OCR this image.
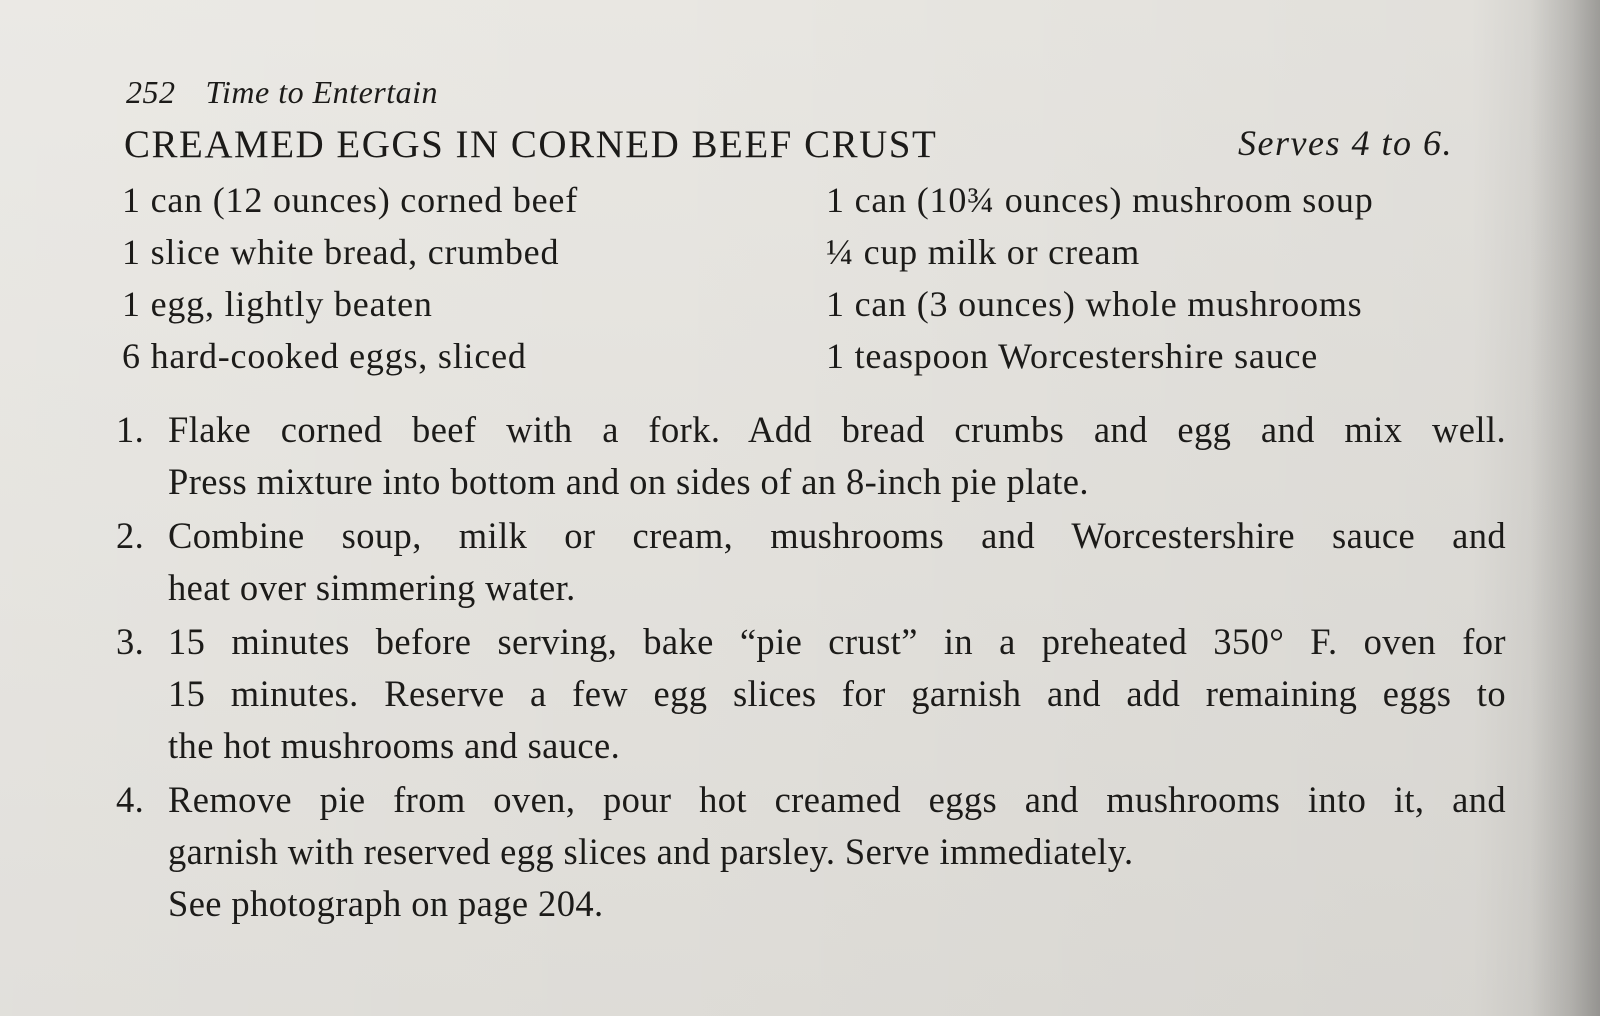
252 Time to Entertain
CREAMED EGGS IN CORNED BEEF CRUST	Serves 4 to 6.
1 can (12 ounces) corned beef
1 slice white bread, crumbed
1 egg, lightly beaten
6 hard-cooked eggs, sliced
1 can (10¾ ounces) mushroom soup
¼ cup milk or cream
1 can (3 ounces) whole mushrooms
1 teaspoon Worcestershire sauce
1. Flake corned beef with a fork. Add bread crumbs and egg and mix well.
Press mixture into bottom and on sides of an 8-inch pie plate.
2. Combine soup, milk or cream, mushrooms and Worcestershire sauce and
heat over simmering water.
3. 15 minutes before serving, bake “pie crust” in a preheated 350° F. oven for
15 minutes. Reserve a few egg slices for garnish and add remaining eggs to
the hot mushrooms and sauce.
4. Remove pie from oven, pour hot creamed eggs and mushrooms into it, and
garnish with reserved egg slices and parsley. Serve immediately.
See photograph on page 204.
